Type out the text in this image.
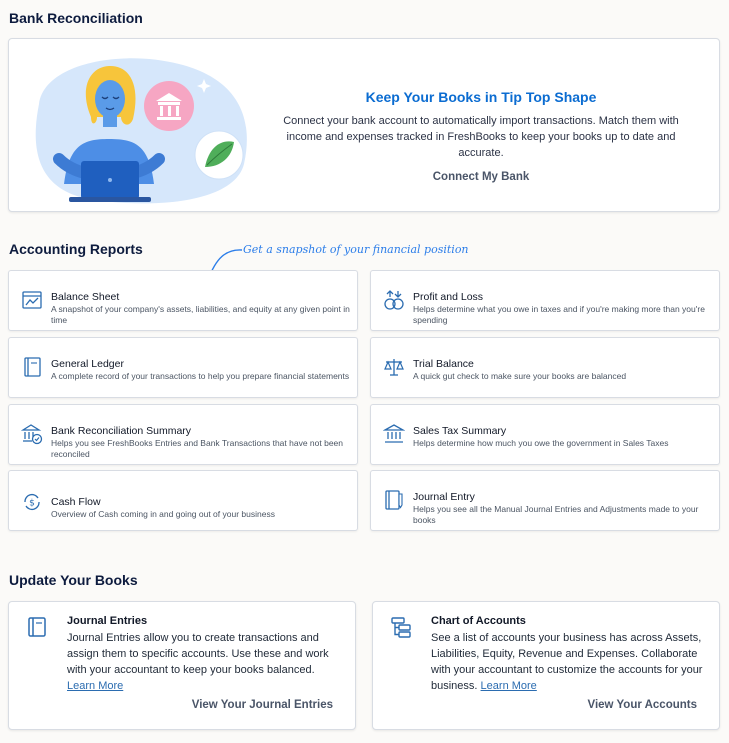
Bank Reconciliation
Keep Your Books in Tip Top Shape
Connect your bank account to automatically import transactions. Match them with
income and expenses tracked in FreshBooks to keep your books up to date and accurate.
Connect My Bank
Accounting Reports	Get a snapshot of your financial position
Balance Sheet
A snapshot of your company's assets, liabilities, and equity at any given point in time
Profit and Loss
Helps determine what you owe in taxes and if you're making more than you're spending
General Ledger
A complete record of your transactions to help you prepare financial statements
Trial Balance
A quick gut check to make sure your books are balanced
Bank Reconciliation Summary
Helps you see FreshBooks Entries and Bank Transactions that have not been reconciled
Sales Tax Summary
Helps determine how much you owe the government in Sales Taxes
$ Cash Flow
Overview of Cash coming in and going out of your business
Journal Entry
Helps you see all the Manual Journal Entries and Adjustments made to your books
Update Your Books
Journal Entries
Journal Entries allow you to create transactions and assign them to specific accounts. Use these and work with your accountant to keep your books balanced. Learn More
View Your Journal Entries
Chart of Accounts
See a list of accounts your business has across Assets, Liabilities, Equity, Revenue and Expenses. Collaborate with your accountant to customize the accounts for your business. Learn More
View Your Accounts
